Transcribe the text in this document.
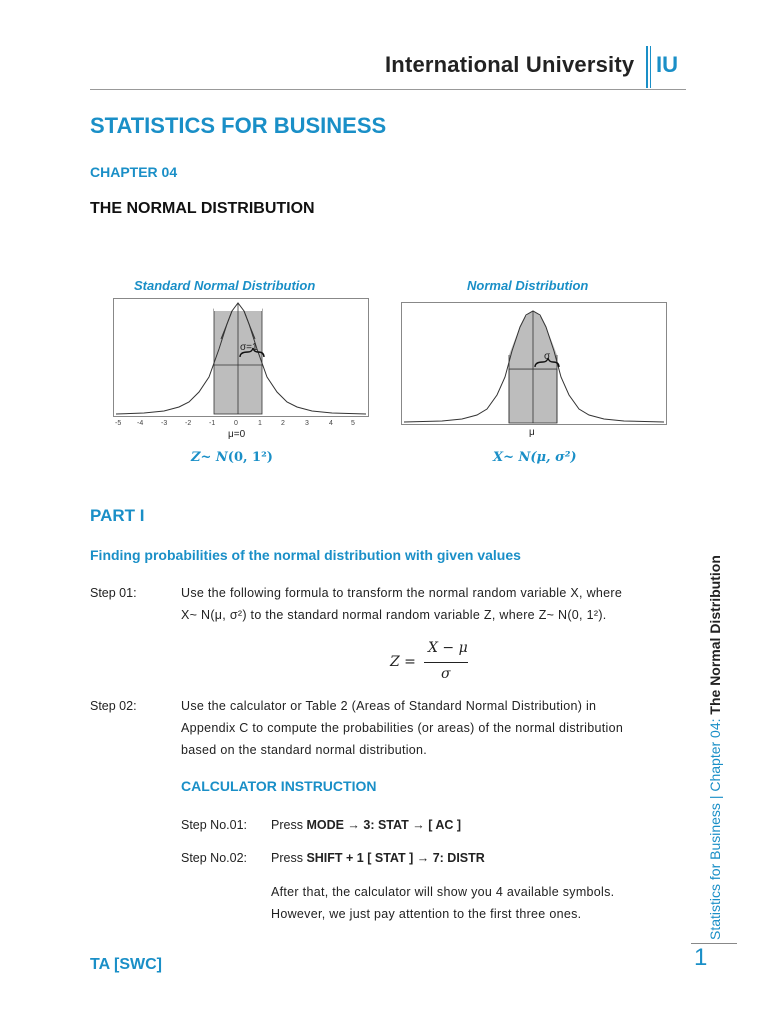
International University IU
STATISTICS FOR BUSINESS
CHAPTER 04
THE NORMAL DISTRIBUTION
Standard Normal Distribution	Normal Distribution
σ=1
-5 -4	-3	-2	-1	0	1	2	3	4	5
μ=0
Z~ N(0, 1²)
σ
μ
X~ N(μ, σ²)
PART I
Finding probabilities of the normal distribution with given values
Step 01:	Use the following formula to transform the normal random variable X, where
X~ N(μ, σ²) to the standard normal random variable Z, where Z~ N(0, 1²).
Z =
X − μ
σ
Step 02:	Use the calculator or Table 2 (Areas of Standard Normal Distribution) in
Appendix C to compute the probabilities (or areas) of the normal distribution
based on the standard normal distribution.
CALCULATOR INSTRUCTION
Step No.01: Press MODE → 3: STAT → [ AC ]
Step No.02: Press SHIFT + 1 [ STAT ] → 7: DISTR
After that, the calculator will show you 4 available symbols.
However, we just pay attention to the first three ones.
TA [SWC]	1
Statistics for Business | Chapter 04: The Normal Distribution
